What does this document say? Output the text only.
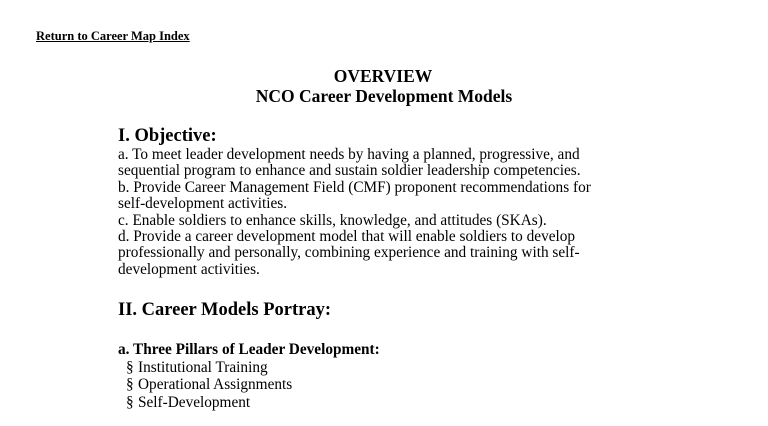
Return to Career Map Index
OVERVIEW
NCO Career Development Models
I. Objective:
a. To meet leader development needs by having a planned, progressive, and
sequential program to enhance and sustain soldier leadership competencies.
b. Provide Career Management Field (CMF) proponent recommendations for
self-development activities.
c. Enable soldiers to enhance skills, knowledge, and attitudes (SKAs).
d. Provide a career development model that will enable soldiers to develop
professionally and personally, combining experience and training with self-
development activities.
II. Career Models Portray:
a. Three Pillars of Leader Development:
§ Institutional Training
§ Operational Assignments
§ Self-Development
